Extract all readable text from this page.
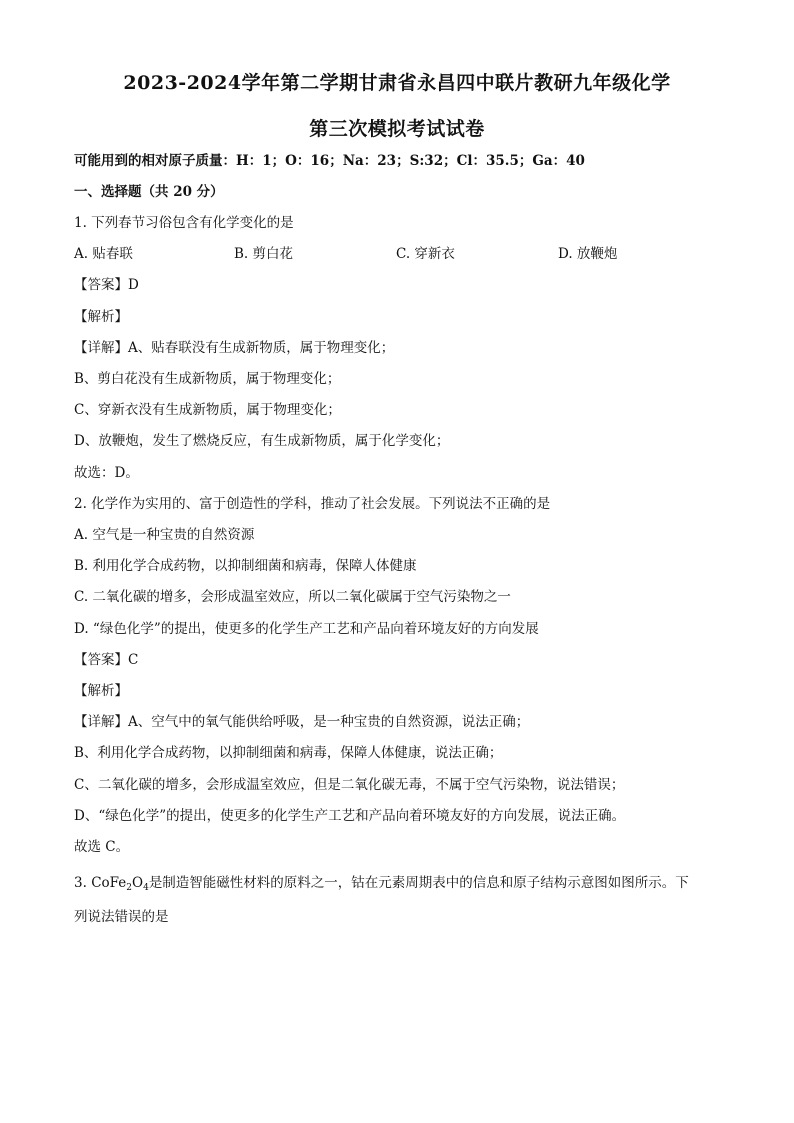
2023-2024学年第二学期甘肃省永昌四中联片教研九年级化学
第三次模拟考试试卷
可能用到的相对原子质量：H：1；O：16；Na：23；S:32；Cl：35.5；Ga：40
一、选择题（共 20 分）
1. 下列春节习俗包含有化学变化的是
A. 贴春联	B. 剪白花	C. 穿新衣	D. 放鞭炮
【答案】D
【解析】
【详解】A、贴春联没有生成新物质，属于物理变化；
B、剪白花没有生成新物质，属于物理变化；
C、穿新衣没有生成新物质，属于物理变化；
D、放鞭炮，发生了燃烧反应，有生成新物质，属于化学变化；
故选：D。
2. 化学作为实用的、富于创造性的学科，推动了社会发展。下列说法不正确的是
A. 空气是一种宝贵的自然资源
B. 利用化学合成药物，以抑制细菌和病毒，保障人体健康
C. 二氧化碳的增多，会形成温室效应，所以二氧化碳属于空气污染物之一
D. “绿色化学”的提出，使更多的化学生产工艺和产品向着环境友好的方向发展
【答案】C
【解析】
【详解】A、空气中的氧气能供给呼吸，是一种宝贵的自然资源，说法正确；
B、利用化学合成药物，以抑制细菌和病毒，保障人体健康，说法正确；
C、二氧化碳的增多，会形成温室效应，但是二氧化碳无毒，不属于空气污染物，说法错误；
D、“绿色化学”的提出，使更多的化学生产工艺和产品向着环境友好的方向发展，说法正确。
故选 C。
3. $CoFe_2O_4$是制造智能磁性材料的原料之一，钴在元素周期表中的信息和原子结构示意图如图所示。下
列说法错误的是
